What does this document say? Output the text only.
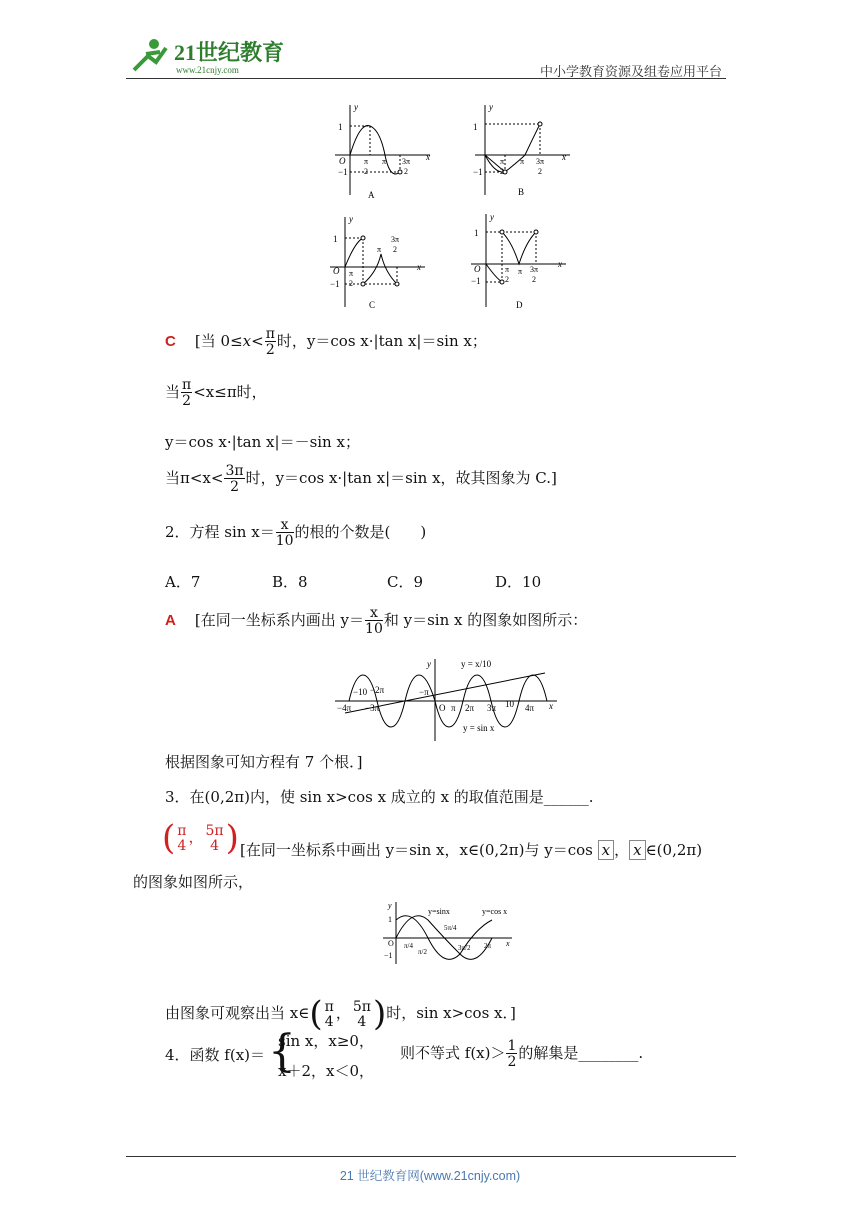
21世纪教育
www.21cnjy.com	中小学教育资源及组卷应用平台
y
x
1
−1
O π
2
π 3π
2
A
y
x
1
−1
π
2
π 3π
2
B
y
x
1
−1
O π
2
π
3π
2
C
y
x
1
−1
O	π
2
π 3π
2
D
C [当 $0\le x< \frac{\pi}{2}$ 时，y＝cos x·|tan x|＝sin x；
当 $\frac{\pi}{2} <x\le\pi$时，
y＝cos x·|tan x|＝－sin x；
当$\pi<x< \frac{3\pi}{2}$ 时，y＝cos x·|tan x|＝sin x，故其图象为 C.]
2．方程 $\sin x= \frac{x}{10}$ 的根的个数是(　　)
A．7	B．8	C．9	D．10
A [在同一坐标系内画出 $y= \frac{x}{10}$ 和 y＝sin x 的图象如图所示：
y
x
y = x/10
−4π
−10 −2π
−3π
−π
O π 2π 3π 10 4π
y = sin x
根据图象可知方程有 7 个根．]
3．在(0,2π)内，使 sin x>cos x 成立的 x 的取值范围是______.
( π
4 ， 5π
4 ) [在同一坐标系中画出 y＝sin x，x∈(0,2π)与 y＝cos x ， x ∈(0,2π)
的图象如图所示，
y
x
1
−1
O
y=sinx	y=cos x
π/4
π/2
5π/4
3π/2 2π
由图象可观察出当 x∈( π
4 ， 5π
4 )时，sin x>cos x．]
4．函数 f(x)＝ {
sin x，x≥0，
x＋2，x＜0，
则不等式 $f(x)> \frac{1}{2}$ 的解集是________.
21 世纪教育网(www.21cnjy.com)
